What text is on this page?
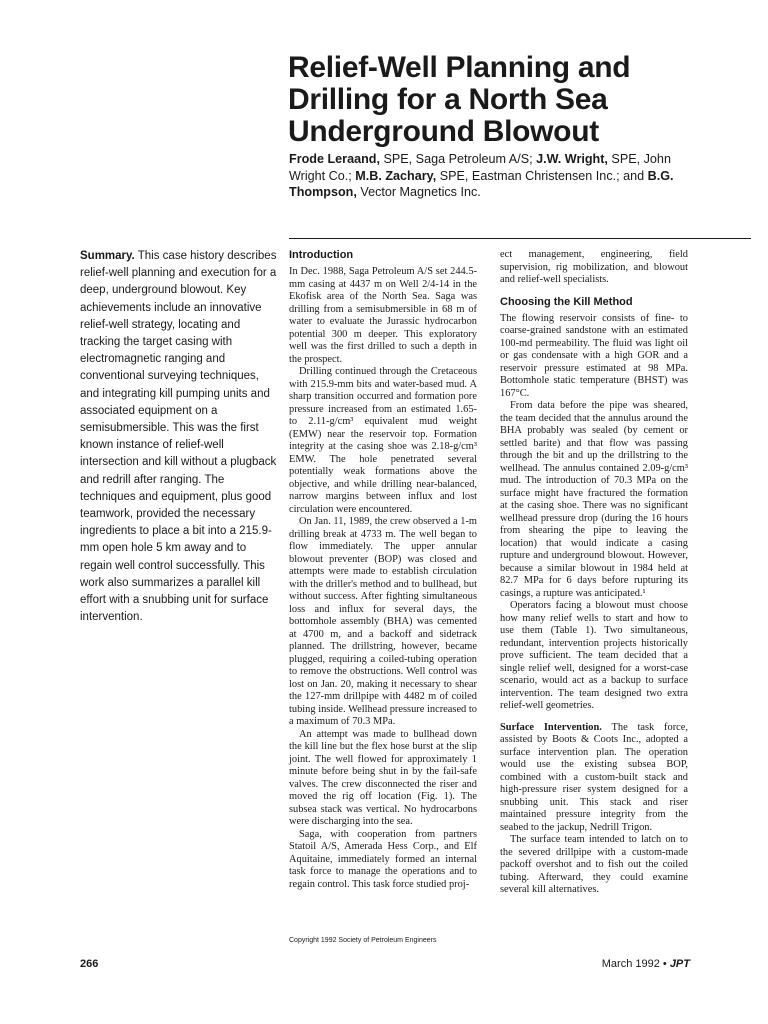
Relief-Well Planning and
Drilling for a North Sea
Underground Blowout

Frode Leraand, SPE, Saga Petroleum A/S; J.W. Wright, SPE, John Wright Co.; M.B. Zachary, SPE, Eastman Christensen Inc.; and B.G. Thompson, Vector Magnetics Inc.

Summary. This case history describes relief-well planning and execution for a deep, underground blowout. Key achievements include an innovative relief-well strategy, locating and tracking the target casing with electromagnetic ranging and conventional surveying techniques, and integrating kill pumping units and associated equipment on a semisubmersible. This was the first known instance of relief-well intersection and kill without a plugback and redrill after ranging. The techniques and equipment, plus good teamwork, provided the necessary ingredients to place a bit into a 215.9-mm open hole 5 km away and to regain well control successfully. This work also summarizes a parallel kill effort with a snubbing unit for surface intervention.

Introduction

In Dec. 1988, Saga Petroleum A/S set 244.5-mm casing at 4437 m on Well 2/4-14 in the Ekofisk area of the North Sea. Saga was drilling from a semisubmersible in 68 m of water to evaluate the Jurassic hydrocarbon potential 300 m deeper. This exploratory well was the first drilled to such a depth in the prospect.

Drilling continued through the Cretaceous with 215.9-mm bits and water-based mud. A sharp transition occurred and formation pore pressure increased from an estimated 1.65- to 2.11-g/cm³ equivalent mud weight (EMW) near the reservoir top. Formation integrity at the casing shoe was 2.18-g/cm³ EMW. The hole penetrated several potentially weak formations above the objective, and while drilling near-balanced, narrow margins between influx and lost circulation were encountered.

On Jan. 11, 1989, the crew observed a 1-m drilling break at 4733 m. The well began to flow immediately. The upper annular blowout preventer (BOP) was closed and attempts were made to establish circulation with the driller's method and to bullhead, but without success. After fighting simultaneous loss and influx for several days, the bottomhole assembly (BHA) was cemented at 4700 m, and a backoff and sidetrack planned. The drillstring, however, became plugged, requiring a coiled-tubing operation to remove the obstructions. Well control was lost on Jan. 20, making it necessary to shear the 127-mm drillpipe with 4482 m of coiled tubing inside. Wellhead pressure increased to a maximum of 70.3 MPa.

An attempt was made to bullhead down the kill line but the flex hose burst at the slip joint. The well flowed for approximately 1 minute before being shut in by the fail-safe valves. The crew disconnected the riser and moved the rig off location (Fig. 1). The subsea stack was vertical. No hydrocarbons were discharging into the sea.

Saga, with cooperation from partners Statoil A/S, Amerada Hess Corp., and Elf Aquitaine, immediately formed an internal task force to manage the operations and to regain control. This task force studied proj-

ect management, engineering, field supervision, rig mobilization, and blowout and relief-well specialists.

Choosing the Kill Method

The flowing reservoir consists of fine- to coarse-grained sandstone with an estimated 100-md permeability. The fluid was light oil or gas condensate with a high GOR and a reservoir pressure estimated at 98 MPa. Bottomhole static temperature (BHST) was 167°C.

From data before the pipe was sheared, the team decided that the annulus around the BHA probably was sealed (by cement or settled barite) and that flow was passing through the bit and up the drillstring to the wellhead. The annulus contained 2.09-g/cm³ mud. The introduction of 70.3 MPa on the surface might have fractured the formation at the casing shoe. There was no significant wellhead pressure drop (during the 16 hours from shearing the pipe to leaving the location) that would indicate a casing rupture and underground blowout. However, because a similar blowout in 1984 held at 82.7 MPa for 6 days before rupturing its casings, a rupture was anticipated.¹

Operators facing a blowout must choose how many relief wells to start and how to use them (Table 1). Two simultaneous, redundant, intervention projects historically prove sufficient. The team decided that a single relief well, designed for a worst-case scenario, would act as a backup to surface intervention. The team designed two extra relief-well geometries.

Surface Intervention. The task force, assisted by Boots & Coots Inc., adopted a surface intervention plan. The operation would use the existing subsea BOP, combined with a custom-built stack and high-pressure riser system designed for a snubbing unit. This stack and riser maintained pressure integrity from the seabed to the jackup, Nedrill Trigon.

The surface team intended to latch on to the severed drillpipe with a custom-made packoff overshot and to fish out the coiled tubing. Afterward, they could examine several kill alternatives.

Copyright 1992 Society of Petroleum Engineers
266	March 1992 • JPT
